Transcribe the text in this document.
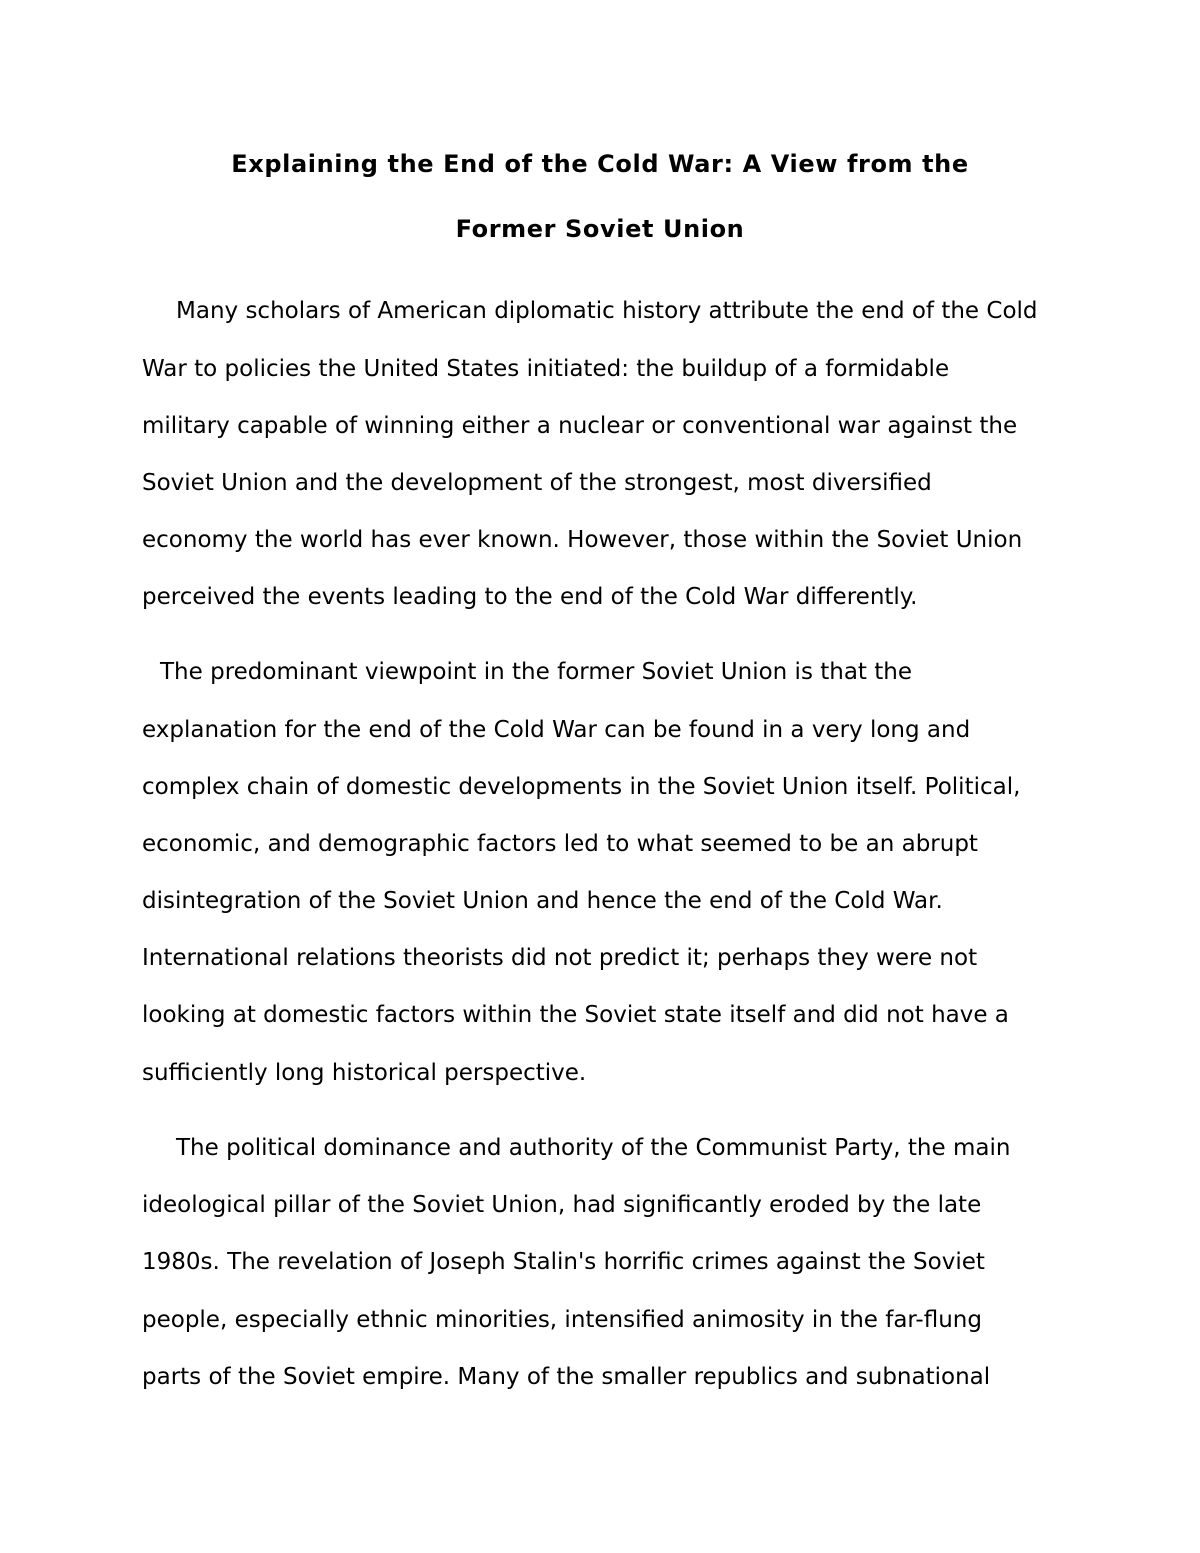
Explaining the End of the Cold War: A View from the
Former Soviet Union

Many scholars of American diplomatic history attribute the end of the Cold

War to policies the United States initiated: the buildup of a formidable

military capable of winning either a nuclear or conventional war against the

Soviet Union and the development of the strongest, most diversified

economy the world has ever known. However, those within the Soviet Union

perceived the events leading to the end of the Cold War differently.

The predominant viewpoint in the former Soviet Union is that the

explanation for the end of the Cold War can be found in a very long and

complex chain of domestic developments in the Soviet Union itself. Political,

economic, and demographic factors led to what seemed to be an abrupt

disintegration of the Soviet Union and hence the end of the Cold War.

International relations theorists did not predict it; perhaps they were not

looking at domestic factors within the Soviet state itself and did not have a

sufficiently long historical perspective.

The political dominance and authority of the Communist Party, the main

ideological pillar of the Soviet Union, had significantly eroded by the late

1980s. The revelation of Joseph Stalin's horrific crimes against the Soviet

people, especially ethnic minorities, intensified animosity in the far-flung

parts of the Soviet empire. Many of the smaller republics and subnational
